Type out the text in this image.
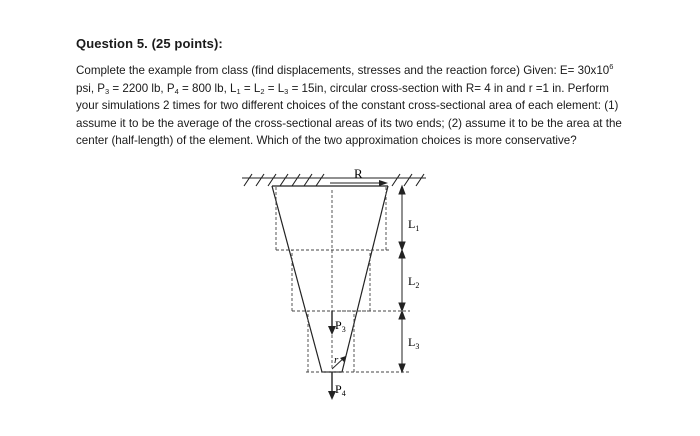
Question 5. (25 points):

Complete the example from class (find displacements, stresses and the reaction force) Given: $E= 30x10^6$ psi, $P_3 = 2200$ lb, $P_4 = 800$ lb, $L_1 = L_2 = L_3 = 15in$, circular cross-section with R= 4 in and r =1 in. Perform your simulations 2 times for two different choices of the constant cross-sectional area of each element: (1) assume it to be the average of the cross-sectional areas of its two ends; (2) assume it to be the area at the center (half-length) of the element. Which of the two approximation choices is more conservative?

R
$L_1$
$L_2$
$L_3$
$P_3$
r
$P_4$
